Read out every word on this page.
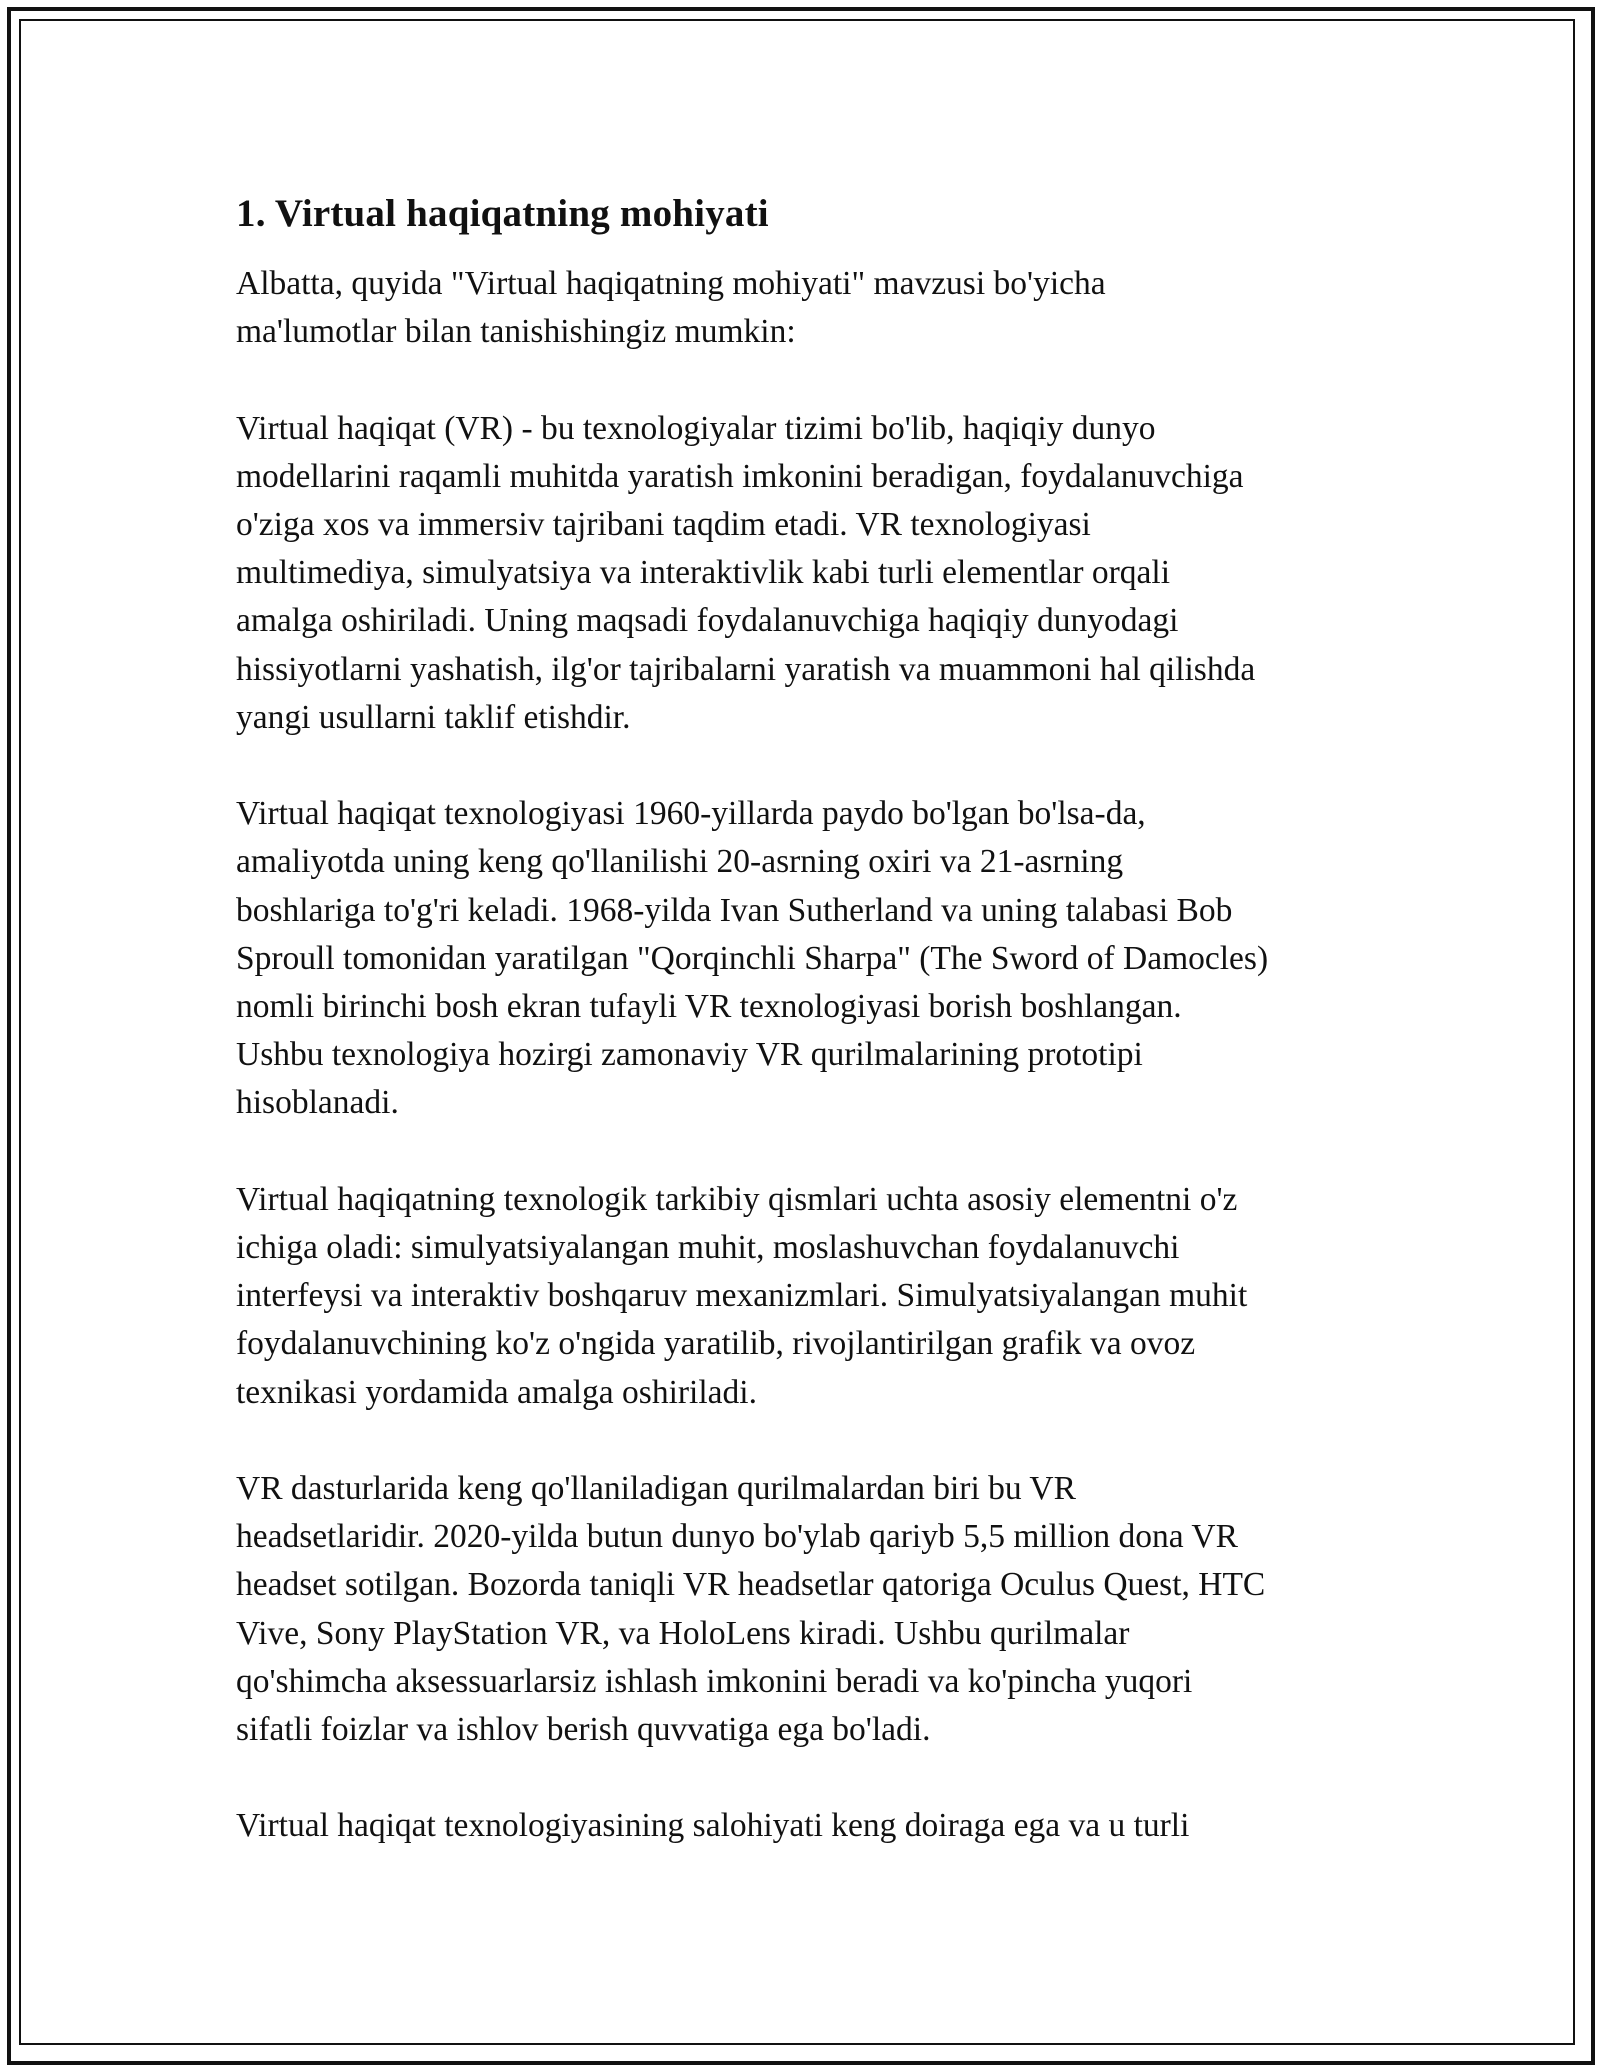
1. Virtual haqiqatning mohiyati

Albatta, quyida "Virtual haqiqatning mohiyati" mavzusi bo'yicha
ma'lumotlar bilan tanishishingiz mumkin:

Virtual haqiqat (VR) - bu texnologiyalar tizimi bo'lib, haqiqiy dunyo
modellarini raqamli muhitda yaratish imkonini beradigan, foydalanuvchiga
o'ziga xos va immersiv tajribani taqdim etadi. VR texnologiyasi
multimediya, simulyatsiya va interaktivlik kabi turli elementlar orqali
amalga oshiriladi. Uning maqsadi foydalanuvchiga haqiqiy dunyodagi
hissiyotlarni yashatish, ilg'or tajribalarni yaratish va muammoni hal qilishda
yangi usullarni taklif etishdir.

Virtual haqiqat texnologiyasi 1960-yillarda paydo bo'lgan bo'lsa-da,
amaliyotda uning keng qo'llanilishi 20-asrning oxiri va 21-asrning
boshlariga to'g'ri keladi. 1968-yilda Ivan Sutherland va uning talabasi Bob
Sproull tomonidan yaratilgan "Qorqinchli Sharpa" (The Sword of Damocles)
nomli birinchi bosh ekran tufayli VR texnologiyasi borish boshlangan.
Ushbu texnologiya hozirgi zamonaviy VR qurilmalarining prototipi
hisoblanadi.

Virtual haqiqatning texnologik tarkibiy qismlari uchta asosiy elementni o'z
ichiga oladi: simulyatsiyalangan muhit, moslashuvchan foydalanuvchi
interfeysi va interaktiv boshqaruv mexanizmlari. Simulyatsiyalangan muhit
foydalanuvchining ko'z o'ngida yaratilib, rivojlantirilgan grafik va ovoz
texnikasi yordamida amalga oshiriladi.

VR dasturlarida keng qo'llaniladigan qurilmalardan biri bu VR
headsetlaridir. 2020-yilda butun dunyo bo'ylab qariyb 5,5 million dona VR
headset sotilgan. Bozorda taniqli VR headsetlar qatoriga Oculus Quest, HTC
Vive, Sony PlayStation VR, va HoloLens kiradi. Ushbu qurilmalar
qo'shimcha aksessuarlarsiz ishlash imkonini beradi va ko'pincha yuqori
sifatli foizlar va ishlov berish quvvatiga ega bo'ladi.

Virtual haqiqat texnologiyasining salohiyati keng doiraga ega va u turli
